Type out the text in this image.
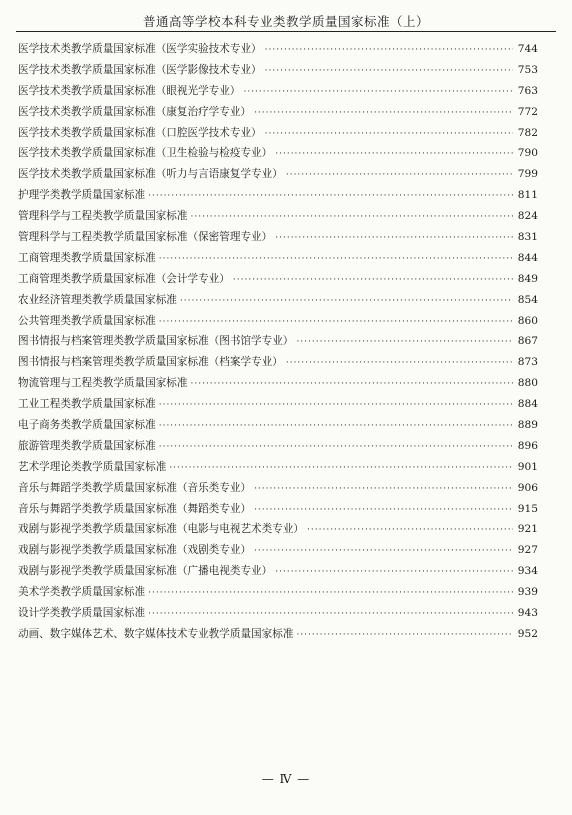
普通高等学校本科专业类教学质量国家标准（上）
医学技术类教学质量国家标准（医学实验技术专业） ·····	744
医学技术类教学质量国家标准（医学影像技术专业） ·····	753
医学技术类教学质量国家标准（眼视光学专业） ·····	763
医学技术类教学质量国家标准（康复治疗学专业） ·····	772
医学技术类教学质量国家标准（口腔医学技术专业） ·····	782
医学技术类教学质量国家标准（卫生检验与检疫专业） ·····	790
医学技术类教学质量国家标准（听力与言语康复学专业） ·····	799
护理学类教学质量国家标准 ·····	811
管理科学与工程类教学质量国家标准 ·····	824
管理科学与工程类教学质量国家标准（保密管理专业） ·····	831
工商管理类教学质量国家标准 ·····	844
工商管理类教学质量国家标准（会计学专业） ·····	849
农业经济管理类教学质量国家标准 ·····	854
公共管理类教学质量国家标准 ·····	860
图书情报与档案管理类教学质量国家标准（图书馆学专业） ·····	867
图书情报与档案管理类教学质量国家标准（档案学专业） ·····	873
物流管理与工程类教学质量国家标准 ·····	880
工业工程类教学质量国家标准 ·····	884
电子商务类教学质量国家标准 ·····	889
旅游管理类教学质量国家标准 ·····	896
艺术学理论类教学质量国家标准 ·····	901
音乐与舞蹈学类教学质量国家标准（音乐类专业） ·····	906
音乐与舞蹈学类教学质量国家标准（舞蹈类专业） ·····	915
戏剧与影视学类教学质量国家标准（电影与电视艺术类专业） ·····	921
戏剧与影视学类教学质量国家标准（戏剧类专业） ·····	927
戏剧与影视学类教学质量国家标准（广播电视类专业） ·····	934
美术学类教学质量国家标准 ·····	939
设计学类教学质量国家标准 ·····	943
动画、数字媒体艺术、数字媒体技术专业教学质量国家标准 ·····	952
— Ⅳ —
